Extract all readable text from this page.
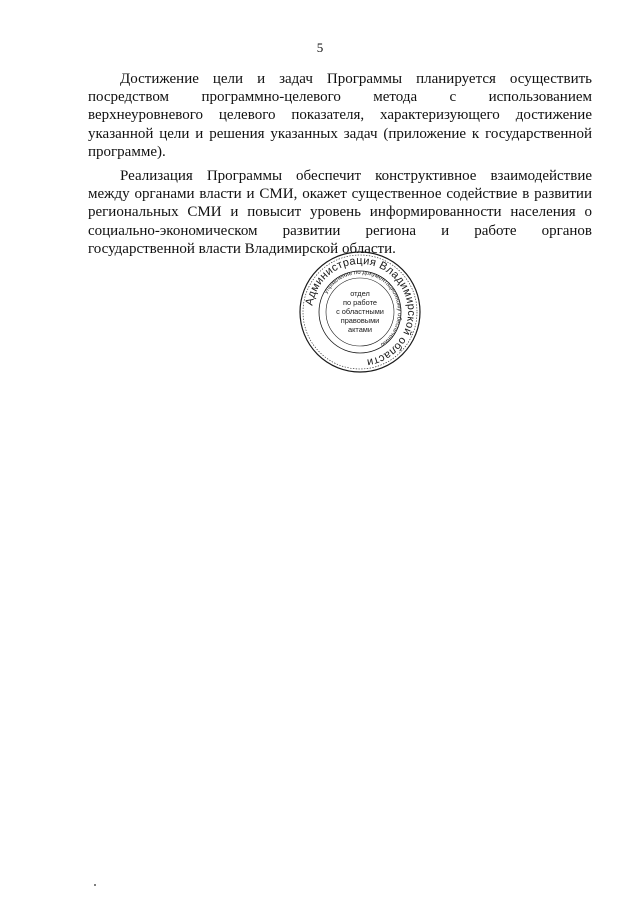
5

Достижение цели и задач Программы планируется осуществить посредством программно-целевого метода с использованием верхнеуровневого целевого показателя, характеризующего достижение указанной цели и решения указанных задач (приложение к государственной программе).

Реализация Программы обеспечит конструктивное взаимодействие между органами власти и СМИ, окажет существенное содействие в развитии региональных СМИ и повысит уровень информированности населения о социально-экономическом развитии региона и работе органов государственной власти Владимирской области.

Администрация Владимирской области
управление по документационному обеспечению
отдел
по работе
с областными
правовыми
актами
